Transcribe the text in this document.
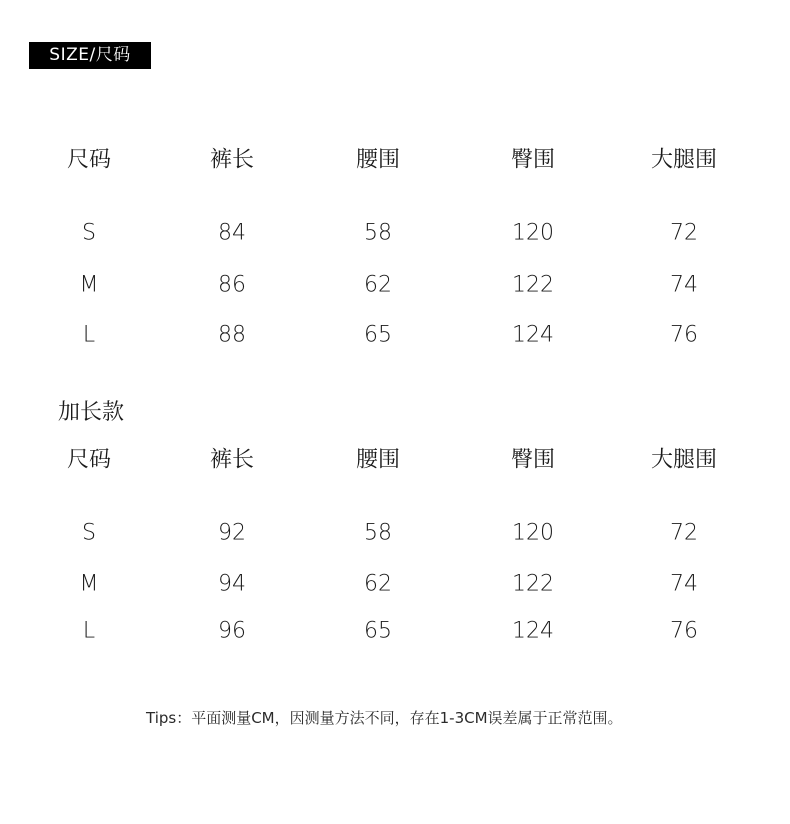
SIZE/尺码
尺码	裤长	腰围	臀围	大腿围
S	84	58	120	72
M	86	62	122	74
L	88	65	124	76
加长款
尺码	裤长	腰围	臀围	大腿围
S	92	58	120	72
M	94	62	122	74
L	96	65	124	76
Tips：平面测量CM，因测量方法不同，存在1-3CM误差属于正常范围。
